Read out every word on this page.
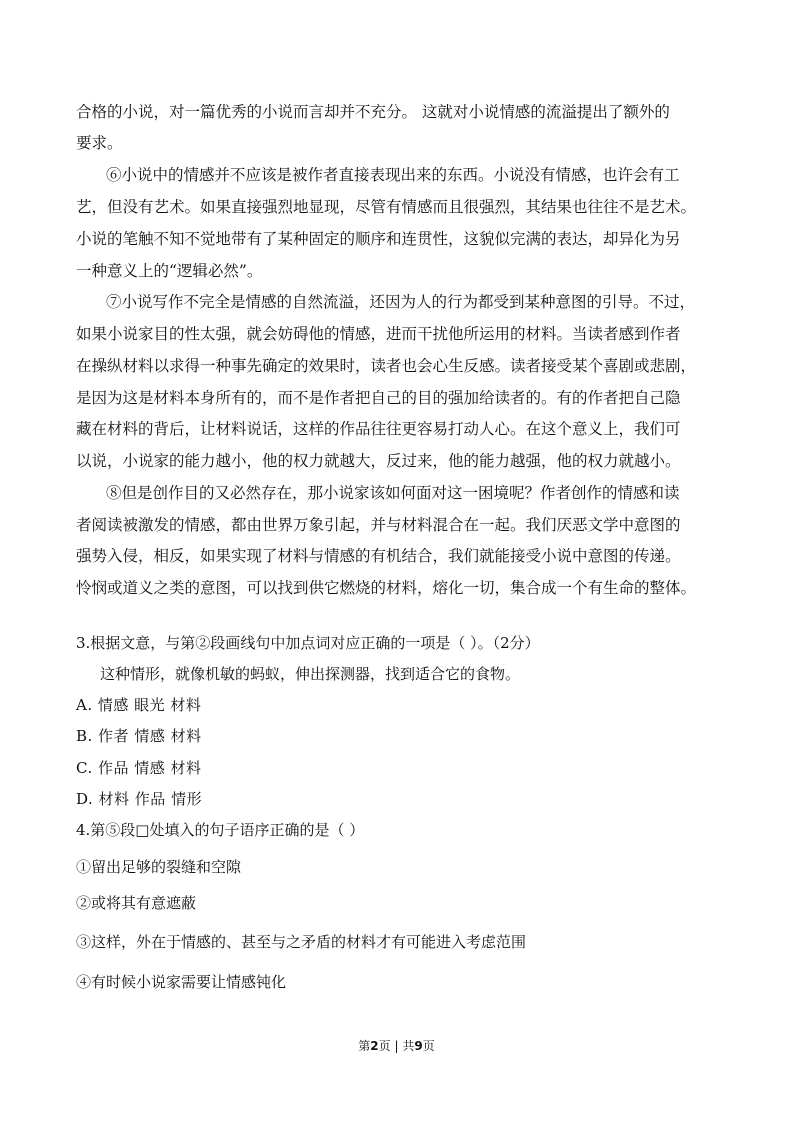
合格的小说，对一篇优秀的小说而言却并不充分。 这就对小说情感的流溢提出了额外的
要求。
⑥小说中的情感并不应该是被作者直接表现出来的东西。小说没有情感，也许会有工
艺，但没有艺术。如果直接强烈地显现，尽管有情感而且很强烈，其结果也往往不是艺术。
小说的笔触不知不觉地带有了某种固定的顺序和连贯性，这貌似完满的表达，却异化为另
一种意义上的“逻辑必然”。
⑦小说写作不完全是情感的自然流溢，还因为人的行为都受到某种意图的引导。不过，
如果小说家目的性太强，就会妨碍他的情感，进而干扰他所运用的材料。当读者感到作者
在操纵材料以求得一种事先确定的效果时，读者也会心生反感。读者接受某个喜剧或悲剧，
是因为这是材料本身所有的，而不是作者把自己的目的强加给读者的。有的作者把自己隐
藏在材料的背后，让材料说话，这样的作品往往更容易打动人心。在这个意义上，我们可
以说，小说家的能力越小，他的权力就越大，反过来，他的能力越强，他的权力就越小。
⑧但是创作目的又必然存在，那小说家该如何面对这一困境呢？作者创作的情感和读
者阅读被激发的情感，都由世界万象引起，并与材料混合在一起。我们厌恶文学中意图的
强势入侵，相反，如果实现了材料与情感的有机结合，我们就能接受小说中意图的传递。
怜悯或道义之类的意图，可以找到供它燃烧的材料，熔化一切，集合成一个有生命的整体。
3.根据文意，与第②段画线句中加点词对应正确的一项是（ ）。（2分）
这种情形，就像机敏的蚂蚁，伸出探测器，找到适合它的食物。
A. 情感 眼光 材料
B. 作者 情感 材料
C. 作品 情感 材料
D. 材料 作品 情形
4.第⑤段□处填入的句子语序正确的是（ ）
①留出足够的裂缝和空隙
②或将其有意遮蔽
③这样，外在于情感的、甚至与之矛盾的材料才有可能进入考虑范围
④有时候小说家需要让情感钝化
第2页 | 共9页
